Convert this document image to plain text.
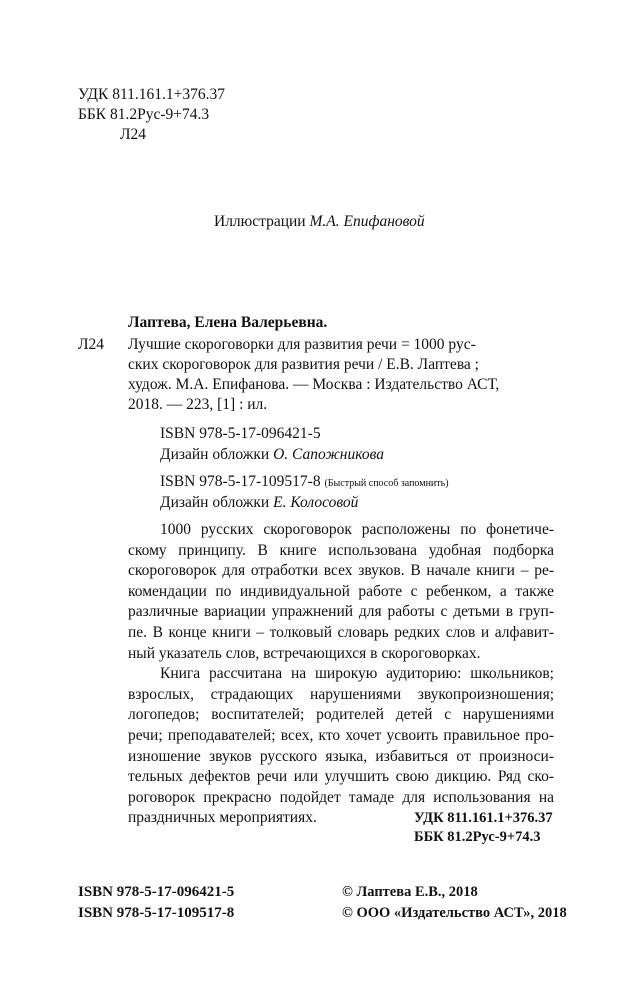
УДК 811.161.1+376.37
ББК 81.2Рус-9+74.3
Л24
Иллюстрации М.А. Епифановой
Лаптева, Елена Валерьевна.
Л24 Лучшие скороговорки для развития речи = 1000 рус-
ских скороговорок для развития речи / Е.В. Лаптева ;
худож. М.А. Епифанова. — Москва : Издательство АСТ,
2018. — 223, [1] : ил.
ISBN 978-5-17-096421-5
Дизайн обложки О. Сапожникова
ISBN 978-5-17-109517-8 (Быстрый способ запомнить)
Дизайн обложки Е. Колосовой
1000 русских скороговорок расположены по фонетиче-
скому принципу. В книге использована удобная подборка
скороговорок для отработки всех звуков. В начале книги – ре-
комендации по индивидуальной работе с ребенком, а также
различные вариации упражнений для работы с детьми в груп-
пе. В конце книги – толковый словарь редких слов и алфавит-
ный указатель слов, встречающихся в скороговорках.
Книга рассчитана на широкую аудиторию: школьников;
взрослых, страдающих нарушениями звукопроизношения;
логопедов; воспитателей; родителей детей с нарушениями
речи; преподавателей; всех, кто хочет усвоить правильное про-
изношение звуков русского языка, избавиться от произноси-
тельных дефектов речи или улучшить свою дикцию. Ряд ско-
роговорок прекрасно подойдет тамаде для использования на
праздничных мероприятиях.	УДК 811.161.1+376.37
ББК 81.2Рус-9+74.3
ISBN 978-5-17-096421-5
ISBN 978-5-17-109517-8
© Лаптева Е.В., 2018
© ООО «Издательство АСТ», 2018
